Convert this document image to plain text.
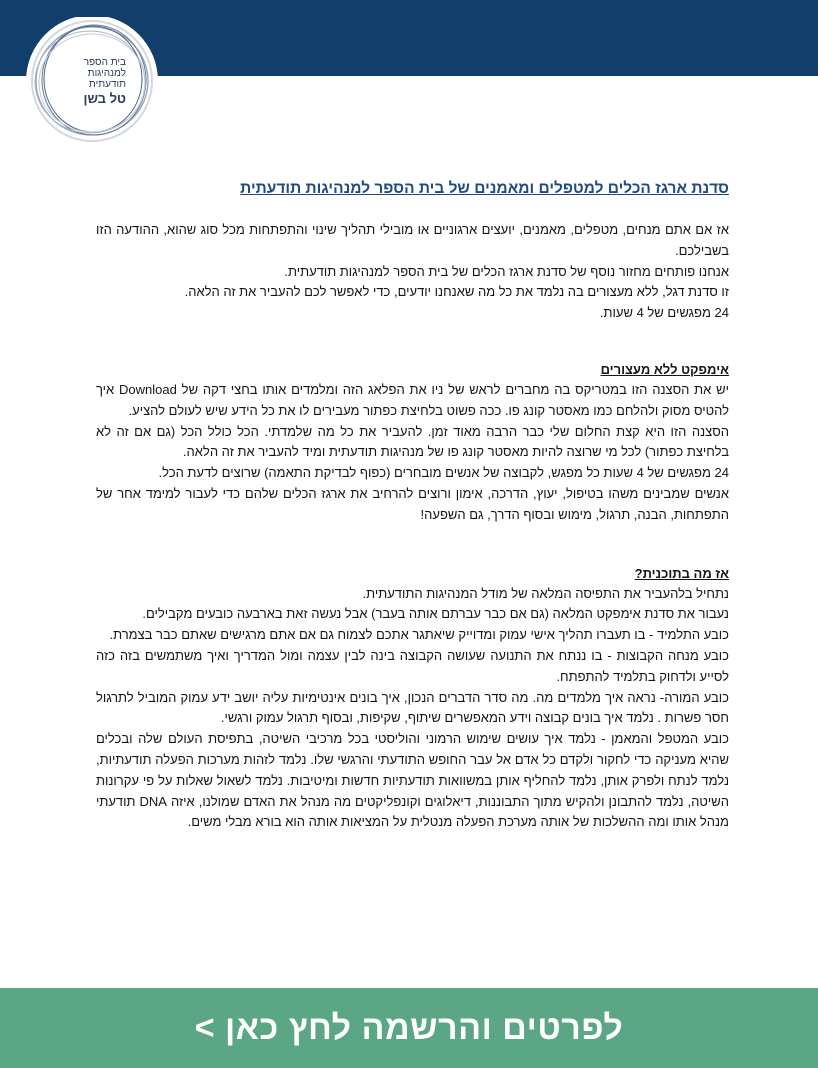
בית הספר
למנהיגות
תודעתית
טל בשן
סדנת ארגז הכלים למטפלים ומאמנים של בית הספר למנהיגות תודעתית

אז אם אתם מנחים, מטפלים, מאמנים, יועצים ארגוניים או מובילי תהליך שינוי והתפתחות מכל סוג שהוא, ההודעה הזו בשבילכם.

אנחנו פותחים מחזור נוסף של סדנת ארגז הכלים של בית הספר למנהיגות תודעתית.

זו סדנת דגל, ללא מעצורים בה נלמד את כל מה שאנחנו יודעים, כדי לאפשר לכם להעביר את זה הלאה.

24 מפגשים של 4 שעות.

אימפקט ללא מעצורים

יש את הסצנה הזו במטריקס בה מחברים לראש של ניו את הפלאג הזה ומלמדים אותו בחצי דקה של Download איך להטיס מסוק ולהלחם כמו מאסטר קונג פו. ככה פשוט בלחיצת כפתור מעבירים לו את כל הידע שיש לעולם להציע.

הסצנה הזו היא קצת החלום שלי כבר הרבה מאוד זמן. להעביר את כל מה שלמדתי. הכל כולל הכל (גם אם זה לא בלחיצת כפתור) לכל מי שרוצה להיות מאסטר קונג פו של מנהיגות תודעתית ומיד להעביר את זה הלאה.

24 מפגשים של 4 שעות כל מפגש, לקבוצה של אנשים מובחרים (כפוף לבדיקת התאמה) שרוצים לדעת הכל.

אנשים שמבינים משהו בטיפול, יעוץ, הדרכה, אימון ורוצים להרחיב את ארגז הכלים שלהם כדי לעבור למימד אחר של התפתחות, הבנה, תרגול, מימוש ובסוף הדרך, גם השפעה!

אז מה בתוכנית?

נתחיל בלהעביר את התפיסה המלאה של מודל המנהיגות התודעתית.

נעבור את סדנת אימפקט המלאה (גם אם כבר עברתם אותה בעבר) אבל נעשה זאת בארבעה כובעים מקבילים.

כובע התלמיד - בו תעברו תהליך אישי עמוק ומדוייק שיאתגר אתכם לצמוח גם אם אתם מרגישים שאתם כבר בצמרת.

כובע מנחה הקבוצות - בו ננתח את התנועה שעושה הקבוצה בינה לבין עצמה ומול המדריך ואיך משתמשים בזה כזה לסייע ולדחוק בתלמיד להתפתח.

כובע המורה- נראה איך מלמדים מה. מה סדר הדברים הנכון, איך בונים אינטימיות עליה יושב ידע עמוק המוביל לתרגול חסר פשרות . נלמד איך בונים קבוצה וידע המאפשרים שיתוף, שקיפות, ובסוף תרגול עמוק ורגשי.

כובע המטפל והמאמן - נלמד איך עושים שימוש הרמוני והוליסטי בכל מרכיבי השיטה, בתפיסת העולם שלה ובכלים שהיא מעניקה כדי לחקור ולקדם כל אדם אל עבר החופש התודעתי והרגשי שלו. נלמד לזהות מערכות הפעלה תודעתיות, נלמד לנתח ולפרק אותן, נלמד להחליף אותן במשוואות תודעתיות חדשות ומיטיבות. נלמד לשאול שאלות על פי עקרונות השיטה, נלמד להתבונן ולהקיש מתוך התבוננות, דיאלוגים וקונפליקטים מה מנהל את האדם שמולנו, איזה DNA תודעתי מנהל אותו ומה ההשלכות של אותה מערכת הפעלה מנטלית על המציאות אותה הוא בורא מבלי משים.

לפרטים והרשמה לחץ כאן >
